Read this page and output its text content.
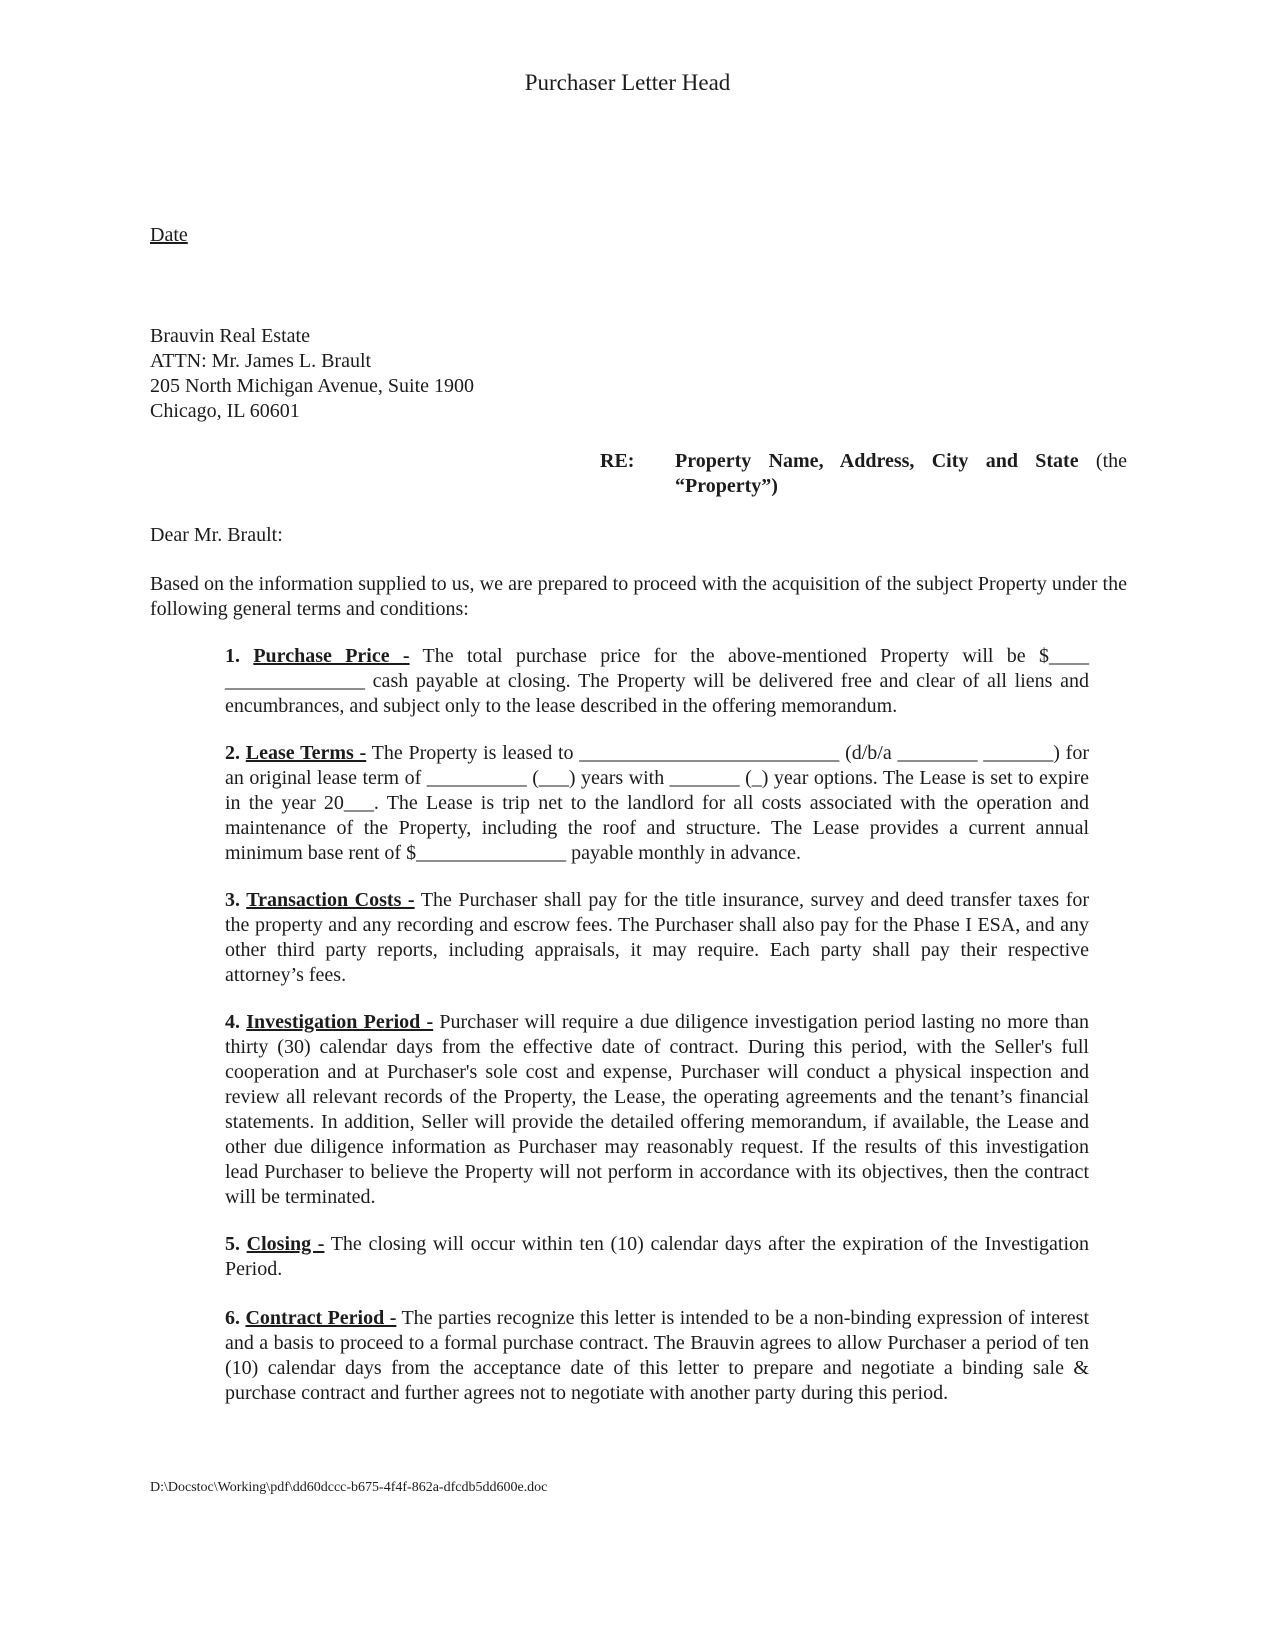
Purchaser Letter Head
Date
Brauvin Real Estate
ATTN: Mr. James L. Brault
205 North Michigan Avenue, Suite 1900
Chicago, IL 60601
RE: Property Name, Address, City and State (the
“Property”)
Dear Mr. Brault:
Based on the information supplied to us, we are prepared to proceed with the acquisition of the subject Property under the following general terms and conditions:
1. Purchase Price - The total purchase price for the above-mentioned Property will be $____ ______________ cash payable at closing. The Property will be delivered free and clear of all liens and encumbrances, and subject only to the lease described in the offering memorandum.
2. Lease Terms - The Property is leased to __________________________ (d/b/a ________ _______) for an original lease term of __________ (___) years with _______ (_) year options. The Lease is set to expire in the year 20___. The Lease is trip net to the landlord for all costs associated with the operation and maintenance of the Property, including the roof and structure. The Lease provides a current annual minimum base rent of $_______________ payable monthly in advance.
3. Transaction Costs - The Purchaser shall pay for the title insurance, survey and deed transfer taxes for the property and any recording and escrow fees. The Purchaser shall also pay for the Phase I ESA, and any other third party reports, including appraisals, it may require. Each party shall pay their respective attorney’s fees.
4. Investigation Period - Purchaser will require a due diligence investigation period lasting no more than thirty (30) calendar days from the effective date of contract. During this period, with the Seller's full cooperation and at Purchaser's sole cost and expense, Purchaser will conduct a physical inspection and review all relevant records of the Property, the Lease, the operating agreements and the tenant’s financial statements. In addition, Seller will provide the detailed offering memorandum, if available, the Lease and other due diligence information as Purchaser may reasonably request. If the results of this investigation lead Purchaser to believe the Property will not perform in accordance with its objectives, then the contract will be terminated.
5. Closing - The closing will occur within ten (10) calendar days after the expiration of the Investigation Period.
6. Contract Period - The parties recognize this letter is intended to be a non-binding expression of interest and a basis to proceed to a formal purchase contract. The Brauvin agrees to allow Purchaser a period of ten (10) calendar days from the acceptance date of this letter to prepare and negotiate a binding sale & purchase contract and further agrees not to negotiate with another party during this period.
D:\Docstoc\Working\pdf\dd60dccc-b675-4f4f-862a-dfcdb5dd600e.doc
